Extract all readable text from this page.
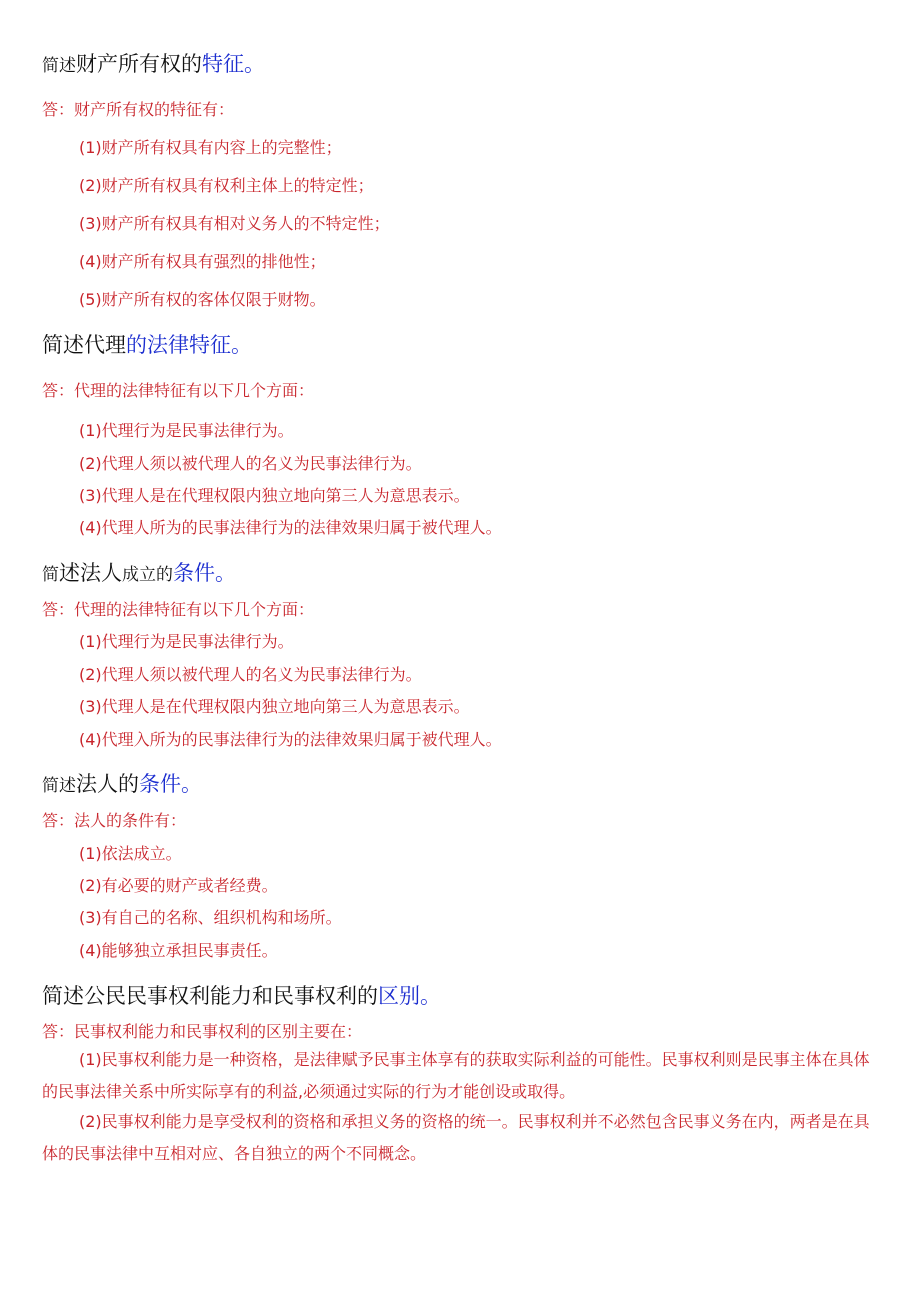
简述财产所有权的特征。
答：财产所有权的特征有：
(1)财产所有权具有内容上的完整性；
(2)财产所有权具有权利主体上的特定性；
(3)财产所有权具有相对义务人的不特定性；
(4)财产所有权具有强烈的排他性；
(5)财产所有权的客体仅限于财物。
简述代理的法律特征。
答：代理的法律特征有以下几个方面：
(1)代理行为是民事法律行为。
(2)代理人须以被代理人的名义为民事法律行为。
(3)代理人是在代理权限内独立地向第三人为意思表示。
(4)代理人所为的民事法律行为的法律效果归属于被代理人。
简述法人成立的条件。
答：代理的法律特征有以下几个方面：
(1)代理行为是民事法律行为。
(2)代理人须以被代理人的名义为民事法律行为。
(3)代理人是在代理权限内独立地向第三人为意思表示。
(4)代理入所为的民事法律行为的法律效果归属于被代理人。
简述法人的条件。
答：法人的条件有：
(1)依法成立。
(2)有必要的财产或者经费。
(3)有自己的名称、组织机构和场所。
(4)能够独立承担民事责任。
简述公民民事权利能力和民事权利的区别。
答：民事权利能力和民事权利的区别主要在：
(1)民事权利能力是一种资格，是法律赋予民事主体享有的获取实际利益的可能性。民事权利则是民事主体在具体的民事法律关系中所实际享有的利益,必须通过实际的行为才能创设或取得。
(2)民事权利能力是享受权利的资格和承担义务的资格的统一。民事权利并不必然包含民事义务在内，两者是在具体的民事法律中互相对应、各自独立的两个不同概念。
